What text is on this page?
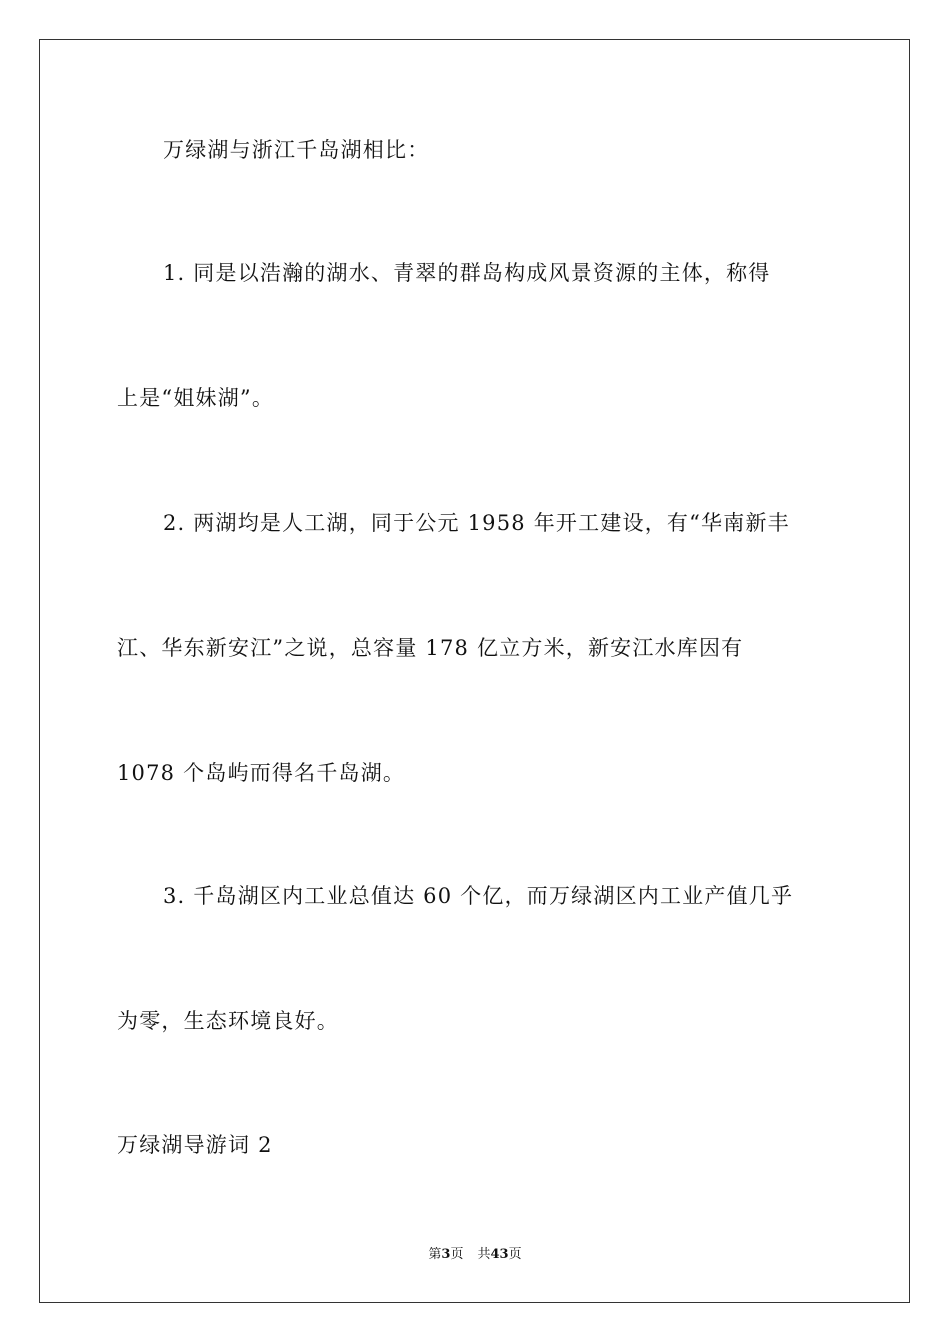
万绿湖与浙江千岛湖相比：
1. 同是以浩瀚的湖水、青翠的群岛构成风景资源的主体，称得
上是“姐妹湖”。
2. 两湖均是人工湖，同于公元 1958 年开工建设，有“华南新丰
江、华东新安江”之说，总容量 178 亿立方米，新安江水库因有
1078 个岛屿而得名千岛湖。
3. 千岛湖区内工业总值达 60 个亿，而万绿湖区内工业产值几乎
为零，生态环境良好。
万绿湖导游词 2
第3页 共43页
